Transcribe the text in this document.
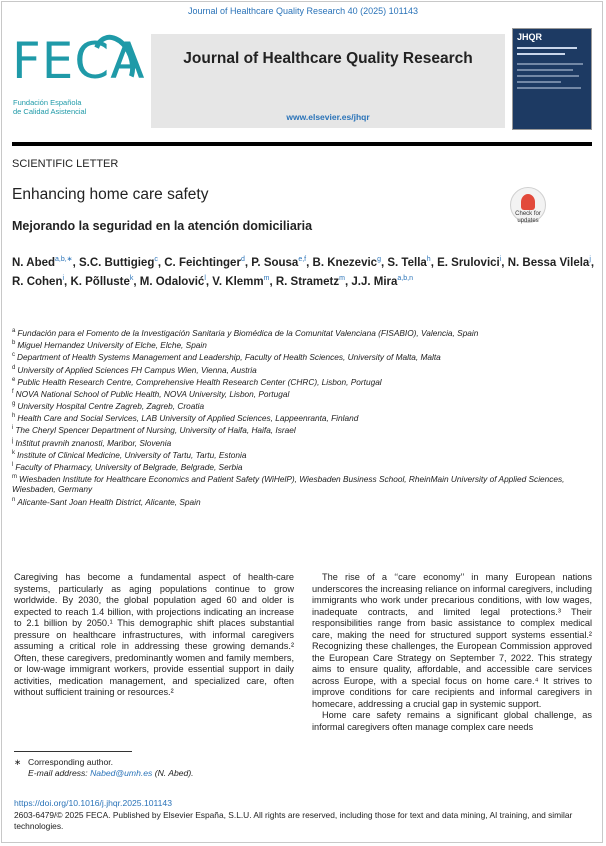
Journal of Healthcare Quality Research 40 (2025) 101143
FECA
Fundación Española
de Calidad Asistencial
Journal of Healthcare Quality Research
www.elsevier.es/jhqr
JHQR
SCIENTIFIC LETTER
Enhancing home care safety
Mejorando la seguridad en la atención domiciliaria
Check for updates
N. Abed$^{a,b,∗}$, S.C. Buttigieg$^c$, C. Feichtinger$^d$, P. Sousa$^{e,f}$, B. Knezevic$^g$, S. Tella$^h$, E. Srulovici$^i$, N. Bessa Vilela$^j$, R. Cohen$^i$, K. Põlluste$^k$, M. Odalović$^l$, V. Klemm$^m$, R. Strametz$^m$, J.J. Mira$^{a,b,n}$
$^a$ Fundación para el Fomento de la Investigación Sanitaria y Biomédica de la Comunitat Valenciana (FISABIO), Valencia, Spain
$^b$ Miguel Hernandez University of Elche, Elche, Spain
$^c$ Department of Health Systems Management and Leadership, Faculty of Health Sciences, University of Malta, Malta
$^d$ University of Applied Sciences FH Campus Wien, Vienna, Austria
$^e$ Public Health Research Centre, Comprehensive Health Research Center (CHRC), Lisbon, Portugal
$^f$ NOVA National School of Public Health, NOVA University, Lisbon, Portugal
$^g$ University Hospital Centre Zagreb, Zagreb, Croatia
$^h$ Health Care and Social Services, LAB University of Applied Sciences, Lappeenranta, Finland
$^i$ The Cheryl Spencer Department of Nursing, University of Haifa, Haifa, Israel
$^j$ Inštitut pravnih znanosti, Maribor, Slovenia
$^k$ Institute of Clinical Medicine, University of Tartu, Tartu, Estonia
$^l$ Faculty of Pharmacy, University of Belgrade, Belgrade, Serbia
$^m$ Wiesbaden Institute for Healthcare Economics and Patient Safety (WiHelP), Wiesbaden Business School, RheinMain University of Applied Sciences, Wiesbaden, Germany
$^n$ Alicante-Sant Joan Health District, Alicante, Spain

Caregiving has become a fundamental aspect of health-care systems, particularly as aging populations continue to grow worldwide. By 2030, the global population aged 60 and older is expected to reach 1.4 billion, with projections indicating an increase to 2.1 billion by 2050.¹ This demographic shift places substantial pressure on healthcare infrastructures, with informal caregivers assuming a critical role in addressing these growing demands.² Often, these caregivers, predominantly women and family members, or low-wage immigrant workers, provide essential support in daily activities, medication management, and specialized care, often without sufficient training or resources.²

The rise of a ‘‘care economy’’ in many European nations underscores the increasing reliance on informal caregivers, including immigrants who work under precarious conditions, with low wages, inadequate contracts, and limited legal protections.³ Their responsibilities range from basic assistance to complex medical care, making the need for structured support systems essential.² Recognizing these challenges, the European Commission approved the European Care Strategy on September 7, 2022. This strategy aims to ensure quality, affordable, and accessible care services across Europe, with a special focus on home care.⁴ It strives to improve conditions for care recipients and informal caregivers in homecare, addressing a crucial gap in systemic support.

Home care safety remains a significant global challenge, as informal caregivers often manage complex care needs

∗ Corresponding author.
E-mail address: Nabed@umh.es (N. Abed).
https://doi.org/10.1016/j.jhqr.2025.101143
2603-6479/© 2025 FECA. Published by Elsevier España, S.L.U. All rights are reserved, including those for text and data mining, AI training, and similar technologies.
